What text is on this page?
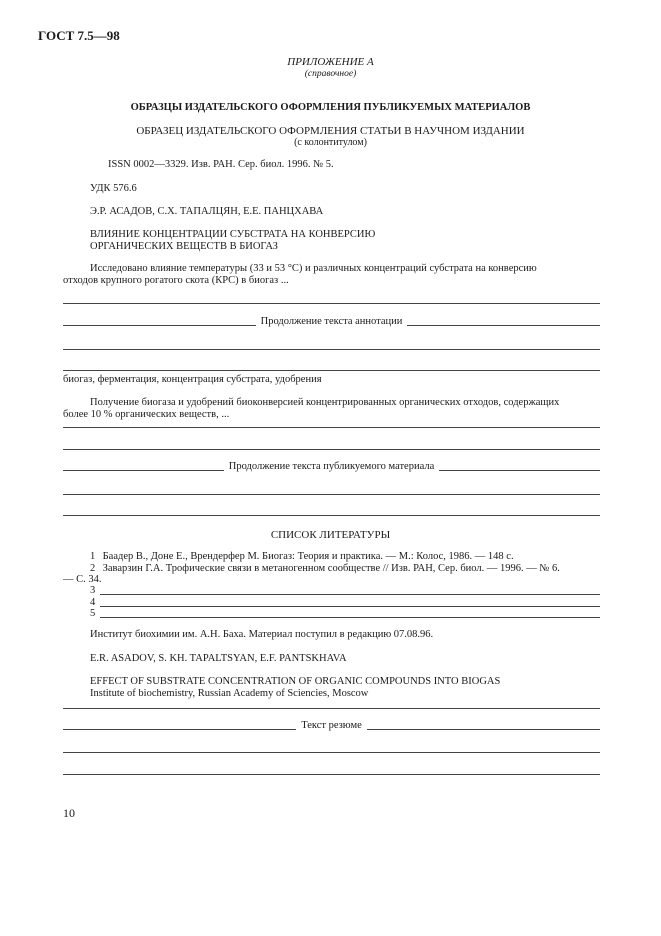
ГОСТ 7.5—98
ПРИЛОЖЕНИЕ А
(справочное)
ОБРАЗЦЫ ИЗДАТЕЛЬСКОГО ОФОРМЛЕНИЯ ПУБЛИКУЕМЫХ МАТЕРИАЛОВ
ОБРАЗЕЦ ИЗДАТЕЛЬСКОГО ОФОРМЛЕНИЯ СТАТЬИ В НАУЧНОМ ИЗДАНИИ
(с колонтитулом)
ISSN 0002—3329. Изв. РАН. Сер. биол. 1996. № 5.
УДК 576.6
Э.Р. АСАДОВ, С.Х. ТАПАЛЦЯН, Е.Е. ПАНЦХАВА
ВЛИЯНИЕ КОНЦЕНТРАЦИИ СУБСТРАТА НА КОНВЕРСИЮ
ОРГАНИЧЕСКИХ ВЕЩЕСТВ В БИОГАЗ
Исследовано влияние температуры (33 и 53 °С) и различных концентраций субстрата на конверсию
отходов крупного рогатого скота (КРС) в биогаз ...
Продолжение текста аннотации
биогаз, ферментация, концентрация субстрата, удобрения
Получение биогаза и удобрений биоконверсией концентрированных органических отходов, содержащих
более 10 % органических веществ, ...
Продолжение текста публикуемого материала
СПИСОК ЛИТЕРАТУРЫ
1 Баадер В., Доне Е., Врендерфер М. Биогаз: Теория и практика. — М.: Колос, 1986. — 148 с.
2 Заварзин Г.А. Трофические связи в метаногенном сообществе // Изв. РАН, Сер. биол. — 1996. — № 6.
— С. 34.
3
4
5
Институт биохимии им. А.Н. Баха. Материал поступил в редакцию 07.08.96.
E.R. ASADOV, S. KH. TAPALTSYAN, E.F. PANTSKHAVA
EFFECT OF SUBSTRATE CONCENTRATION OF ORGANIC COMPOUNDS INTO BIOGAS
Institute of biochemistry, Russian Academy of Sciencies, Moscow
Текст резюме
10
